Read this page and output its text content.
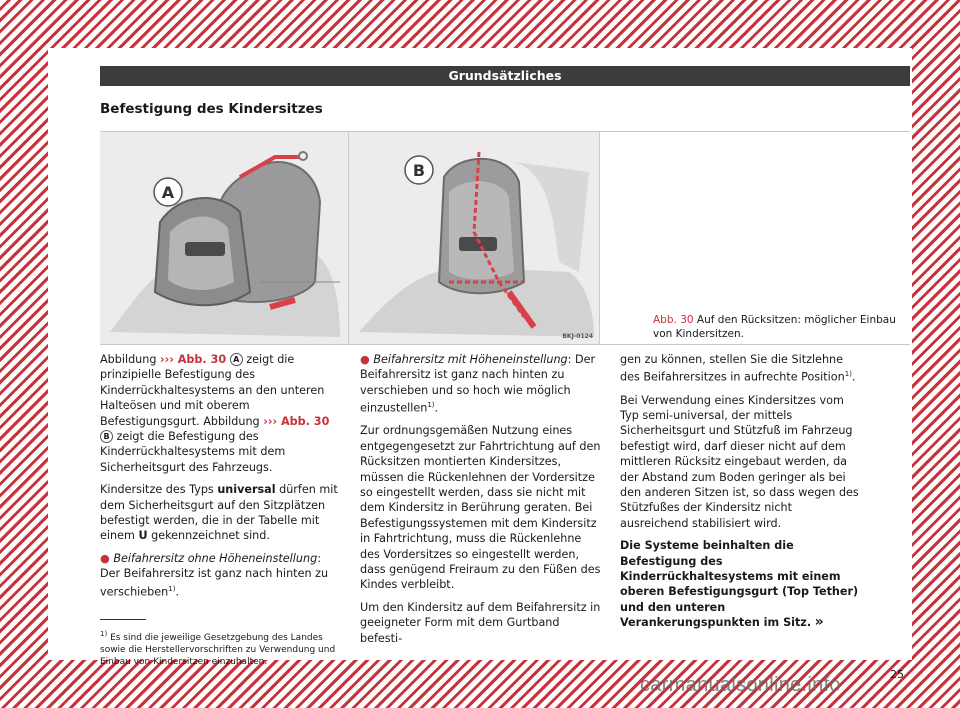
Grundsätzliches
Befestigung des Kindersitzes
A
B
BKJ-0124
Abb. 30 Auf den Rücksitzen: möglicher Einbau von Kindersitzen.

Abbildung ››› Abb. 30 A zeigt die prinzipielle Befestigung des Kinderrückhaltesystems an den unteren Halteösen und mit oberem Befestigungsgurt. Abbildung ››› Abb. 30 B zeigt die Befestigung des Kinderrückhaltesystems mit dem Sicherheitsgurt des Fahrzeugs.

Kindersitze des Typs universal dürfen mit dem Sicherheitsgurt auf den Sitzplätzen befestigt werden, die in der Tabelle mit einem U gekennzeichnet sind.

● Beifahrersitz ohne Höheneinstellung: Der Beifahrersitz ist ganz nach hinten zu verschieben$^{1)}$.

● Beifahrersitz mit Höheneinstellung: Der Beifahrersitz ist ganz nach hinten zu verschieben und so hoch wie möglich einzustellen$^{1)}$.

Zur ordnungsgemäßen Nutzung eines entgegengesetzt zur Fahrtrichtung auf den Rücksitzen montierten Kindersitzes, müssen die Rückenlehnen der Vordersitze so eingestellt werden, dass sie nicht mit dem Kindersitz in Berührung geraten. Bei Befestigungssystemen mit dem Kindersitz in Fahrtrichtung, muss die Rückenlehne des Vordersitzes so eingestellt werden, dass genügend Freiraum zu den Füßen des Kindes verbleibt.

Um den Kindersitz auf dem Beifahrersitz in geeigneter Form mit dem Gurtband befesti-

gen zu können, stellen Sie die Sitzlehne des Beifahrersitzes in aufrechte Position$^{1)}$.

Bei Verwendung eines Kindersitzes vom Typ semi-universal, der mittels Sicherheitsgurt und Stützfuß im Fahrzeug befestigt wird, darf dieser nicht auf dem mittleren Rücksitz eingebaut werden, da der Abstand zum Boden geringer als bei den anderen Sitzen ist, so dass wegen des Stützfußes der Kindersitz nicht ausreichend stabilisiert wird.

Die Systeme beinhalten die Befestigung des Kinderrückhaltesystems mit einem oberen Befestigungsgurt (Top Tether) und den unteren Verankerungspunkten im Sitz. »

$^{1)}$ Es sind die jeweilige Gesetzgebung des Landes sowie die Herstellervorschriften zu Verwendung und Einbau von Kindersitzen einzuhalten.
25
carmanualsonline.info
